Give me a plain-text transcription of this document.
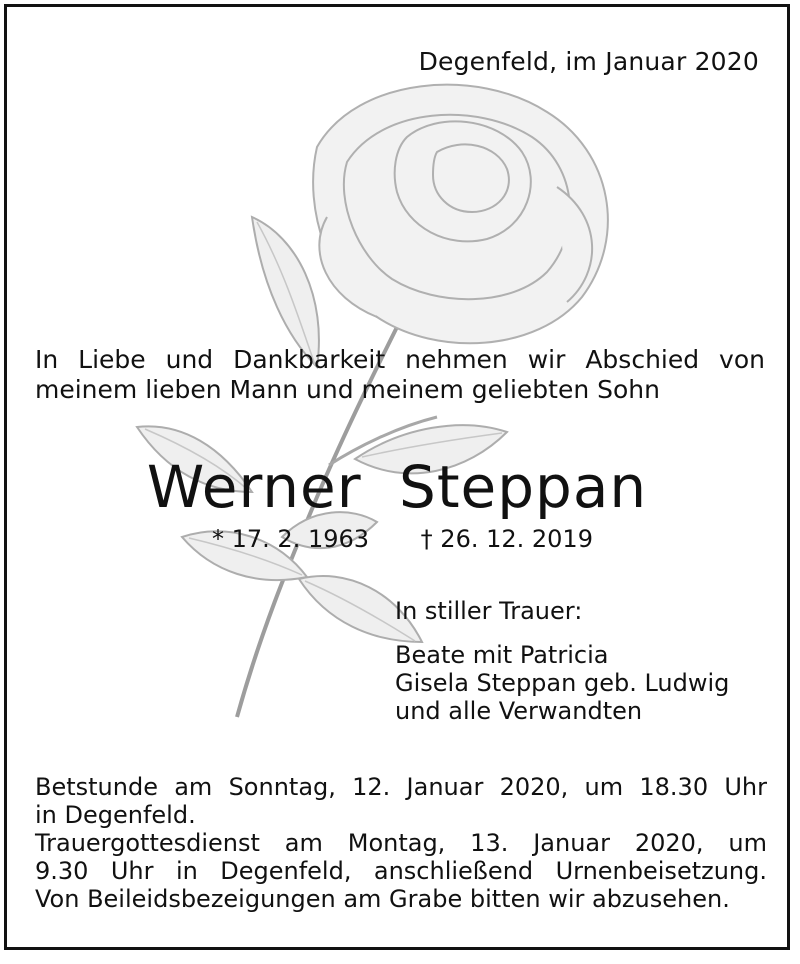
Degenfeld, im Januar 2020
In Liebe und Dankbarkeit nehmen wir Abschied von
meinem lieben Mann und meinem geliebten Sohn
Werner Steppan
* 17. 2. 1963 † 26. 12. 2019
In stiller Trauer:
Beate mit Patricia
Gisela Steppan geb. Ludwig
und alle Verwandten
Betstunde am Sonntag, 12. Januar 2020, um 18.30 Uhr
in Degenfeld.
Trauergottesdienst am Montag, 13. Januar 2020, um
9.30 Uhr in Degenfeld, anschließend Urnenbeisetzung.
Von Beileidsbezeigungen am Grabe bitten wir abzusehen.
